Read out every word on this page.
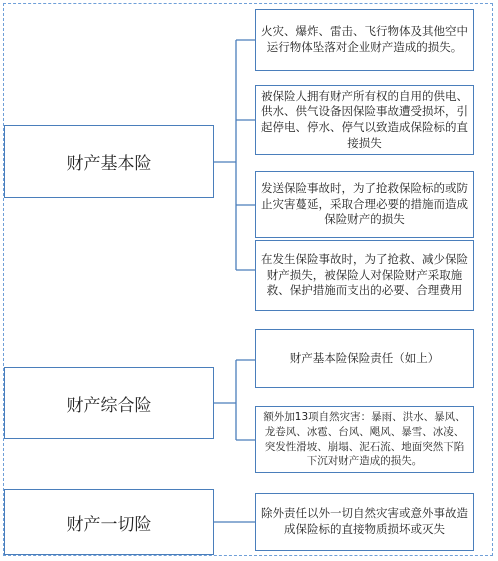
财产基本险
财产综合险
财产一切险
火灾、爆炸、雷击、飞行物体及其他空中运行物体坠落对企业财产造成的损失。
被保险人拥有财产所有权的自用的供电、供水、供气设备因保险事故遭受损坏，引起停电、停水、停气以致造成保险标的直接损失
发送保险事故时，为了抢救保险标的或防止灾害蔓延，采取合理必要的措施而造成保险财产的损失
在发生保险事故时，为了抢救、减少保险财产损失，被保险人对保险财产采取施救、保护措施而支出的必要、合理费用
财产基本险保险责任（如上）
额外加13项自然灾害：暴雨、洪水、暴风、龙卷风、冰雹、台风、飓风、暴雪、冰凌、突发性滑坡、崩塌、泥石流、地面突然下陷下沉对财产造成的损失。
除外责任以外一切自然灾害或意外事故造成保险标的直接物质损坏或灭失
